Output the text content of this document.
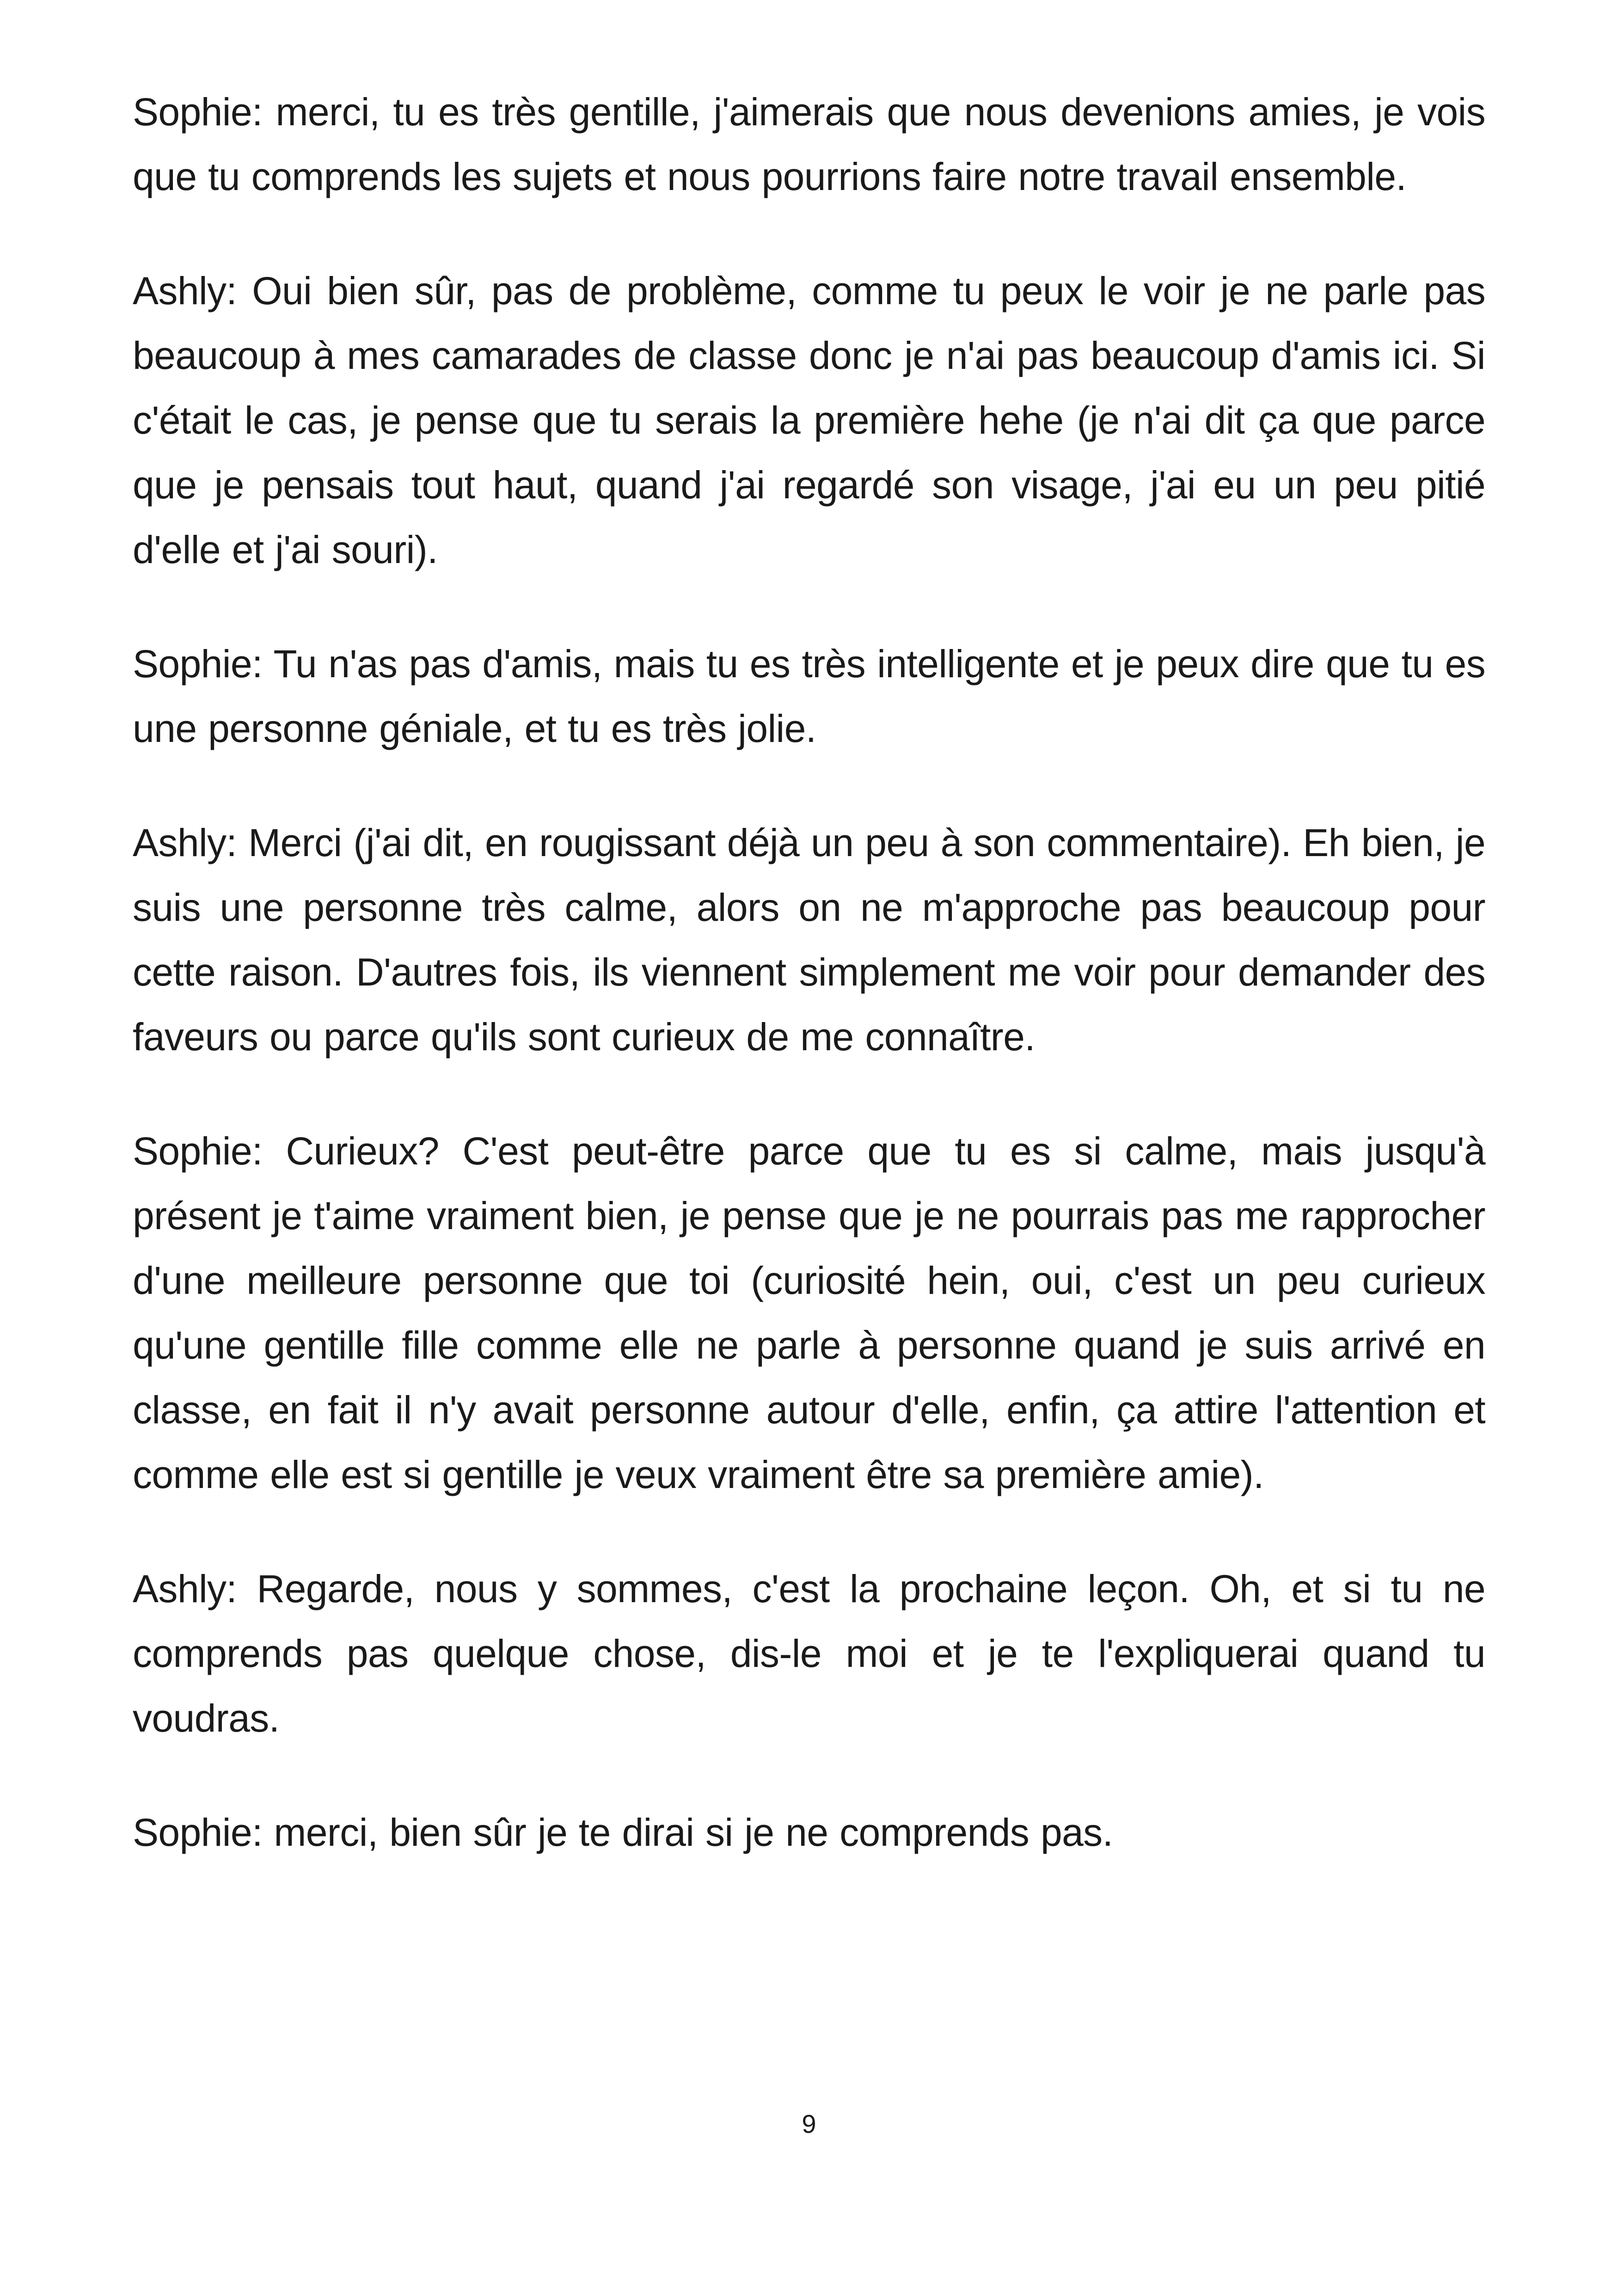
Sophie: merci, tu es très gentille, j'aimerais que nous devenions amies, je vois que tu comprends les sujets et nous pourrions faire notre travail ensemble.

Ashly: Oui bien sûr, pas de problème, comme tu peux le voir je ne parle pas beaucoup à mes camarades de classe donc je n'ai pas beaucoup d'amis ici. Si c'était le cas, je pense que tu serais la première hehe (je n'ai dit ça que parce que je pensais tout haut, quand j'ai regardé son visage, j'ai eu un peu pitié d'elle et j'ai souri).

Sophie: Tu n'as pas d'amis, mais tu es très intelligente et je peux dire que tu es une personne géniale, et tu es très jolie.

Ashly: Merci (j'ai dit, en rougissant déjà un peu à son commentaire). Eh bien, je suis une personne très calme, alors on ne m'approche pas beaucoup pour cette raison. D'autres fois, ils viennent simplement me voir pour demander des faveurs ou parce qu'ils sont curieux de me connaître.

Sophie: Curieux? C'est peut-être parce que tu es si calme, mais jusqu'à présent je t'aime vraiment bien, je pense que je ne pourrais pas me rapprocher d'une meilleure personne que toi (curiosité hein, oui, c'est un peu curieux qu'une gentille fille comme elle ne parle à personne quand je suis arrivé en classe, en fait il n'y avait personne autour d'elle, enfin, ça attire l'attention et comme elle est si gentille je veux vraiment être sa première amie).

Ashly: Regarde, nous y sommes, c'est la prochaine leçon. Oh, et si tu ne comprends pas quelque chose, dis-le moi et je te l'expliquerai quand tu voudras.

Sophie: merci, bien sûr je te dirai si je ne comprends pas.

9
